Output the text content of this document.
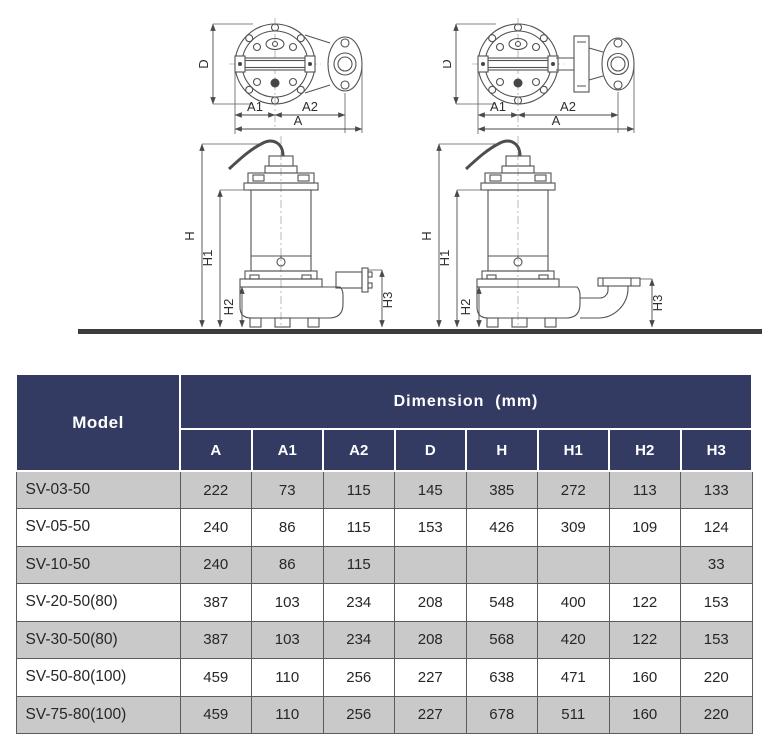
A2
A
A2
A
H3	H3
Model	Dimension  (mm)							
	A	A1	A2	D	H	H1	H2	H3
SV-03-50	222	73	115	145	385	272	113	133
SV-05-50	240	86	115	153	426	309	109	124
SV-10-50	240	86	115					33
SV-20-50(80)	387	103	234	208	548	400	122	153
SV-30-50(80)	387	103	234	208	568	420	122	153
SV-50-80(100)	459	110	256	227	638	471	160	220
SV-75-80(100)	459	110	256	227	678	511	160	220
